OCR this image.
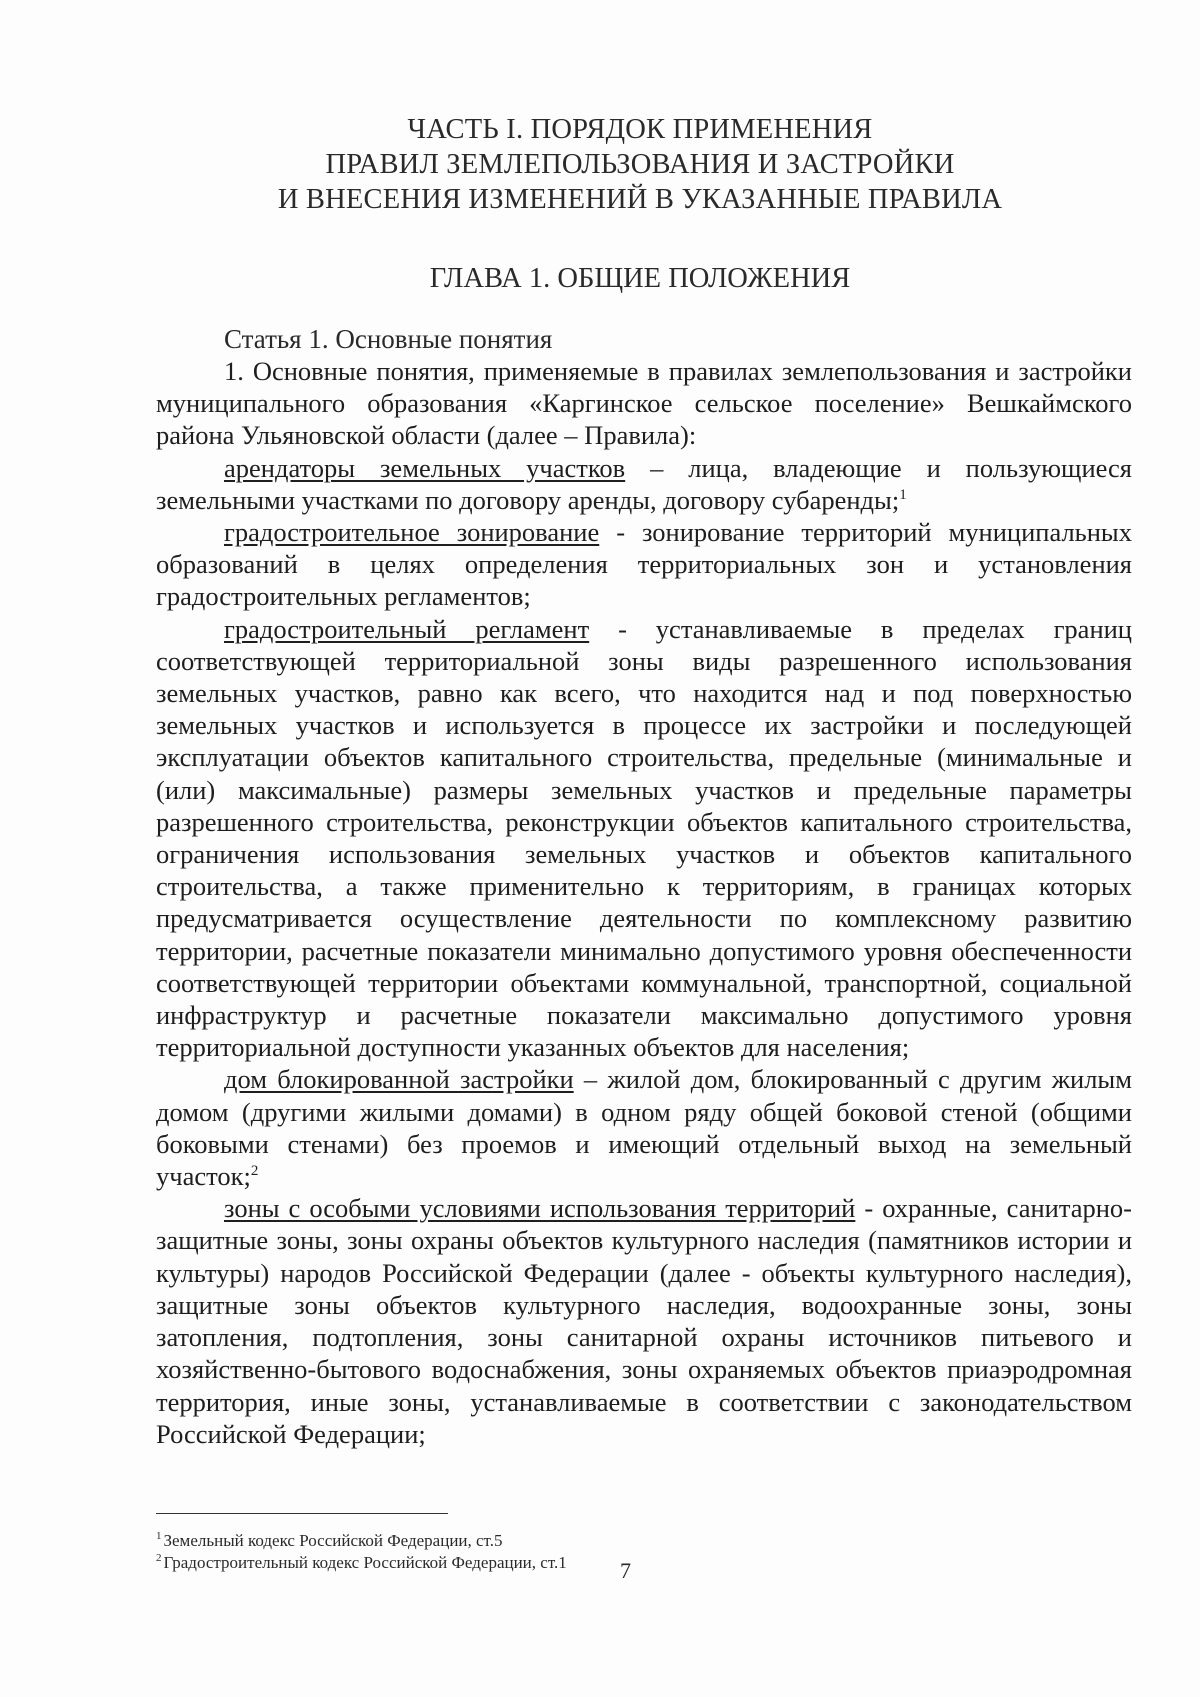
ЧАСТЬ I. ПОРЯДОК ПРИМЕНЕНИЯ
ПРАВИЛ ЗЕМЛЕПОЛЬЗОВАНИЯ И ЗАСТРОЙКИ
И ВНЕСЕНИЯ ИЗМЕНЕНИЙ В УКАЗАННЫЕ ПРАВИЛА
ГЛАВА 1. ОБЩИЕ ПОЛОЖЕНИЯ
Статья 1. Основные понятия

1. Основные понятия, применяемые в правилах землепользования и застройки муниципального образования «Каргинское сельское поселение» Вешкаймского района Ульяновской области (далее – Правила):

арендаторы земельных участков – лица, владеющие и пользующиеся земельными участками по договору аренды, договору субаренды;$^1$

градостроительное зонирование - зонирование территорий муниципальных образований в целях определения территориальных зон и установления градостроительных регламентов;

градостроительный регламент - устанавливаемые в пределах границ соответствующей территориальной зоны виды разрешенного использования земельных участков, равно как всего, что находится над и под поверхностью земельных участков и используется в процессе их застройки и последующей эксплуатации объектов капитального строительства, предельные (минимальные и (или) максимальные) размеры земельных участков и предельные параметры разрешенного строительства, реконструкции объектов капитального строительства, ограничения использования земельных участков и объектов капитального строительства, а также применительно к территориям, в границах которых предусматривается осуществление деятельности по комплексному развитию территории, расчетные показатели минимально допустимого уровня обеспеченности соответствующей территории объектами коммунальной, транспортной, социальной инфраструктур и расчетные показатели максимально допустимого уровня территориальной доступности указанных объектов для населения;

дом блокированной застройки – жилой дом, блокированный с другим жилым домом (другими жилыми домами) в одном ряду общей боковой стеной (общими боковыми стенами) без проемов и имеющий отдельный выход на земельный участок;$^2$

зоны с особыми условиями использования территорий - охранные, санитарно-защитные зоны, зоны охраны объектов культурного наследия (памятников истории и культуры) народов Российской Федерации (далее - объекты культурного наследия), защитные зоны объектов культурного наследия, водоохранные зоны, зоны затопления, подтопления, зоны санитарной охраны источников питьевого и хозяйственно-бытового водоснабжения, зоны охраняемых объектов приаэродромная территория, иные зоны, устанавливаемые в соответствии с законодательством Российской Федерации;

$^1$ Земельный кодекс Российской Федерации, ст.5
$^2$ Градостроительный кодекс Российской Федерации, ст.1	7
